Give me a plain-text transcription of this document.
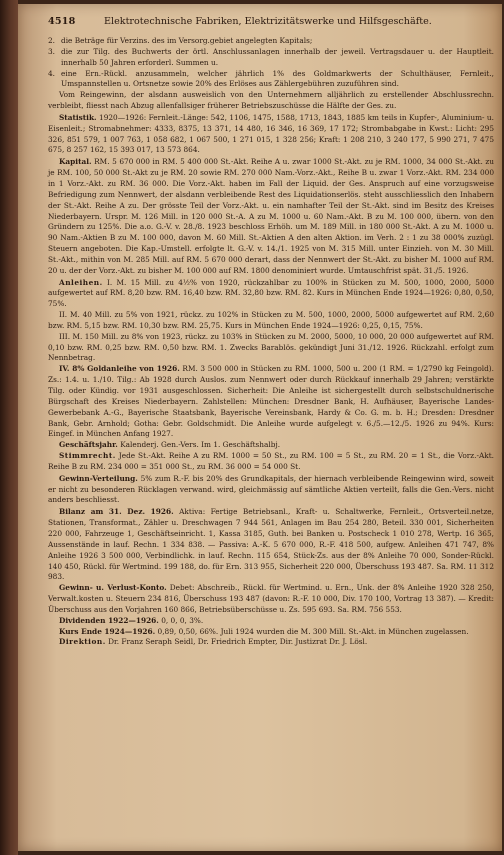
4518	Elektrotechnische Fabriken, Elektrizitätswerke und Hilfsgeschäfte.

2. die Beträge für Verzins. des im Versorg.gebiet angelegten Kapitals;

3. die zur Tilg. des Buchwerts der örtl. Anschlussanlagen innerhalb der jeweil. Vertragsdauer u. der Hauptleit. innerhalb 50 Jahren erforderl. Summen u.

4. eine Ern.-Rückl. anzusammeln, welcher jährlich 1% des Goldmarkwerts der Schulthäuser, Fernleit., Umspannstellen u. Ortsnetze sowie 20% des Erlöses aus Zählergebühren zuzuführen sind.

Vom Reingewinn, der alsdann ausweislich von den Unternehmern alljährlich zu erstellender Abschlussrechn. verbleibt, fliesst nach Abzug allenfallsiger früherer Betriebszuschüsse die Hälfte der Ges. zu.

Statistik. 1920—1926: Fernleit.-Länge: 542, 1106, 1475, 1588, 1713, 1843, 1885 km teils in Kupfer-, Aluminium- u. Eisenleit.; Stromabnehmer: 4333, 8375, 13 371, 14 480, 16 346, 16 369, 17 172; Strombabgabe in Kwst.: Licht: 295 326, 851 579, 1 007 763, 1 058 682, 1 067 500, 1 271 015, 1 328 256; Kraft: 1 208 210, 3 240 177, 5 990 271, 7 475 675, 8 257 162, 15 393 017, 13 573 864.

Kapital. RM. 5 670 000 in RM. 5 400 000 St.-Akt. Reihe A u. zwar 1000 St.-Akt. zu je RM. 1000, 34 000 St.-Akt. zu je RM. 100, 50 000 St.-Akt zu je RM. 20 sowie RM. 270 000 Nam.-Vorz.-Akt., Reihe B u. zwar 1 Vorz.-Akt. RM. 234 000 in 1 Vorz.-Akt. zu RM. 36 000. Die Vorz.-Akt. haben im Fall der Liquid. der Ges. Anspruch auf eine vorzugsweise Befriedigung zum Nennwert, der alsdann verbleibende Rest des Liquidationserlös. steht ausschliesslich den Inhabern der St.-Akt. Reihe A zu. Der grösste Teil der Vorz.-Akt. u. ein namhafter Teil der St.-Akt. sind im Besitz des Kreises Niederbayern. Urspr. M. 126 Mill. in 120 000 St.-A. A zu M. 1000 u. 60 Nam.-Akt. B zu M. 100 000, übern. von den Gründern zu 125%. Die a.o. G.-V. v. 28./8. 1923 beschloss Erhöh. um M. 189 Mill. in 180 000 St.-Akt. A zu M. 1000 u. 90 Nam.-Aktien B zu M. 100 000, davon M. 60 Mill. St.-Aktien A den alten Aktion. im Verh. 2 : 1 zu 38 000% zuzügl. Steuern angeboten. Die Kap.-Umstell. erfolgte lt. G.-V. v. 14./1. 1925 von M. 315 Mill. unter Einzieh. von M. 30 Mill. St.-Akt., mithin von M. 285 Mill. auf RM. 5 670 000 derart, dass der Nennwert der St.-Akt. zu bisher M. 1000 auf RM. 20 u. der der Vorz.-Akt. zu bisher M. 100 000 auf RM. 1800 denominiert wurde. Umtauschfrist spät. 31./5. 1926.

Anleihen. I. M. 15 Mill. zu 4½% von 1920, rückzahlbar zu 100% in Stücken zu M. 500, 1000, 2000, 5000 aufgewertet auf RM. 8,20 bzw. RM. 16,40 bzw. RM. 32,80 bzw. RM. 82. Kurs in München Ende 1924—1926: 0,80, 0,50, 75%.

II. M. 40 Mill. zu 5% von 1921, rückz. zu 102% in Stücken zu M. 500, 1000, 2000, 5000 aufgewertet auf RM. 2,60 bzw. RM. 5,15 bzw. RM. 10,30 bzw. RM. 25,75. Kurs in München Ende 1924—1926: 0,25, 0,15, 75%.

III. M. 150 Mill. zu 8% von 1923, rückz. zu 103% in Stücken zu M. 2000, 5000, 10 000, 20 000 aufgewertet auf RM. 0,10 bzw. RM. 0,25 bzw. RM. 0,50 bzw. RM. 1. Zwecks Barablös. gekündigt Juni 31./12. 1926. Rückzahl. erfolgt zum Nennbetrag.

IV. 8% Goldanleihe von 1926. RM. 3 500 000 in Stücken zu RM. 1000, 500 u. 200 (1 RM. = 1/2790 kg Feingold). Zs.: 1.4. u. 1./10. Tilg.: Ab 1928 durch Auslos. zum Nennwert oder durch Rückkauf innerhalb 29 Jahren; verstärkte Tilg. oder Kündig. vor 1931 ausgeschlossen. Sicherheit: Die Anleihe ist sichergestellt durch selbstschuldnerische Bürgschaft des Kreises Niederbayern. Zahlstellen: München: Dresdner Bank, H. Aufhäuser, Bayerische Landes-Gewerbebank A.-G., Bayerische Staatsbank, Bayerische Vereinsbank, Hardy & Co. G. m. b. H.; Dresden: Dresdner Bank, Gebr. Arnhold; Gotha: Gebr. Goldschmidt. Die Anleihe wurde aufgelegt v. 6./5.—12./5. 1926 zu 94%. Kurs: Eingef. in München Anfang 1927.

Geschäftsjahr. Kalenderj. Gen.-Vers. Im 1. Geschäftshalbj.

Stimmrecht. Jede St.-Akt. Reihe A zu RM. 1000 = 50 St., zu RM. 100 = 5 St., zu RM. 20 = 1 St., die Vorz.-Akt. Reihe B zu RM. 234 000 = 351 000 St., zu RM. 36 000 = 54 000 St.

Gewinn-Verteilung. 5% zum R.-F. bis 20% des Grundkapitals, der hiernach verbleibende Reingewinn wird, soweit er nicht zu besonderen Rücklagen verwand. wird, gleichmässig auf sämtliche Aktien verteilt, falls die Gen.-Vers. nicht anders beschliesst.

Bilanz am 31. Dez. 1926. Aktiva: Fertige Betriebsanl., Kraft- u. Schaltwerke, Fernleit., Ortsverteil.netze, Stationen, Transformat., Zähler u. Dreschwagen 7 944 561, Anlagen im Bau 254 280, Beteil. 330 001, Sicherheiten 220 000, Fahrzeuge 1, Geschäftseinricht. 1, Kassa 3185, Guth. bei Banken u. Postscheck 1 010 278, Wertp. 16 365, Aussenstände in lauf. Rechn. 1 334 838. — Passiva: A.-K. 5 670 000, R.-F. 418 500, aufgew. Anleihen 471 747, 8% Anleihe 1926 3 500 000, Verbindlichk. in lauf. Rechn. 115 654, Stück-Zs. aus der 8% Anleihe 70 000, Sonder-Rückl. 140 450, Rückl. für Wertmind. 199 188, do. für Ern. 313 955, Sicherheit 220 000, Überschuss 193 487. Sa. RM. 11 312 983.

Gewinn- u. Verlust-Konto. Debet: Abschreib., Rückl. für Wertmind. u. Ern., Unk. der 8% Anleihe 1920 328 250, Verwalt.kosten u. Steuern 234 816, Überschuss 193 487 (davon: R.-F. 10 000, Div. 170 100, Vortrag 13 387). — Kredit: Überschuss aus den Vorjahren 160 866, Betriebsüberschüsse u. Zs. 595 693. Sa. RM. 756 553.

Dividenden 1922—1926. 0, 0, 0, 3%.

Kurs Ende 1924—1926. 0,89, 0,50, 66%. Juli 1924 wurden die M. 300 Mill. St.-Akt. in München zugelassen.

Direktion. Dr. Franz Seraph Seidl, Dr. Friedrich Empter, Dir. Justizrat Dr. J. Lösl.
